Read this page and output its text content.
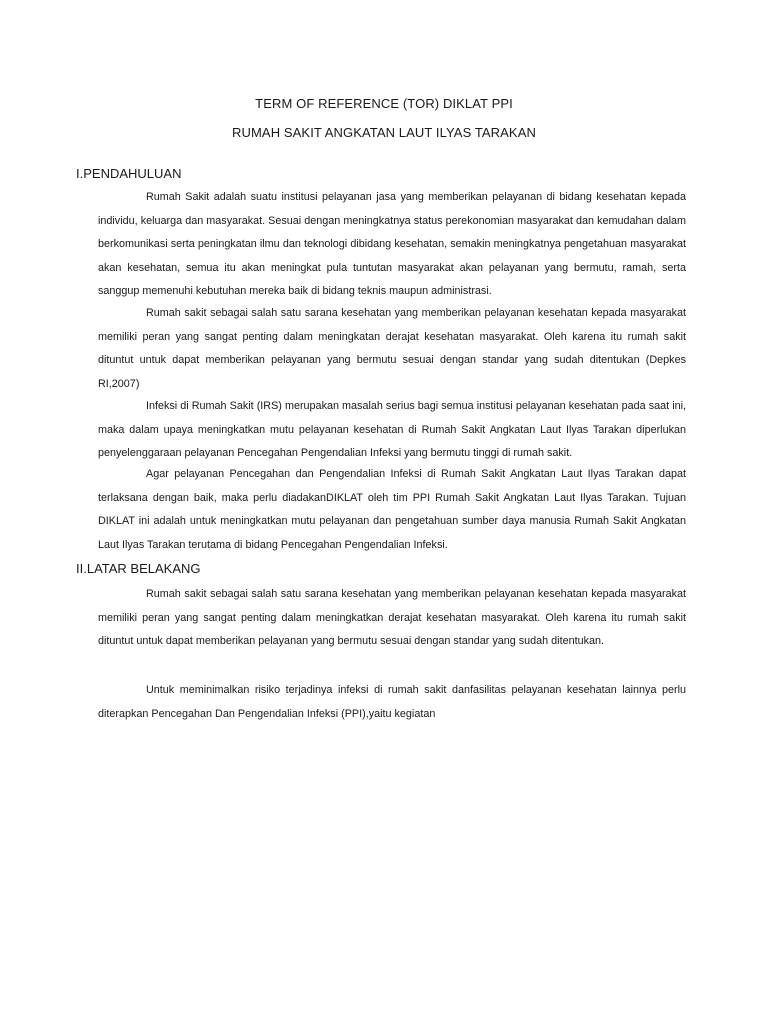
TERM OF REFERENCE (TOR) DIKLAT PPI
RUMAH SAKIT ANGKATAN LAUT ILYAS TARAKAN
I.PENDAHULUAN

Rumah Sakit adalah suatu institusi pelayanan jasa yang memberikan pelayanan di bidang kesehatan kepada individu, keluarga dan masyarakat. Sesuai dengan meningkatnya status perekonomian masyarakat dan kemudahan dalam berkomunikasi serta peningkatan ilmu dan teknologi dibidang kesehatan, semakin meningkatnya pengetahuan masyarakat akan kesehatan, semua itu akan meningkat pula tuntutan masyarakat akan pelayanan yang bermutu, ramah, serta sanggup memenuhi kebutuhan mereka baik di bidang teknis maupun administrasi.

Rumah sakit sebagai salah satu sarana kesehatan yang memberikan pelayanan kesehatan kepada masyarakat memiliki peran yang sangat penting dalam meningkatan derajat kesehatan masyarakat. Oleh karena itu rumah sakit dituntut untuk dapat memberikan pelayanan yang bermutu sesuai dengan standar yang sudah ditentukan (Depkes RI,2007)

Infeksi di Rumah Sakit (IRS) merupakan masalah serius bagi semua institusi pelayanan kesehatan pada saat ini, maka dalam upaya meningkatkan mutu pelayanan kesehatan di Rumah Sakit Angkatan Laut Ilyas Tarakan diperlukan penyelenggaraan pelayanan Pencegahan Pengendalian Infeksi yang bermutu tinggi di rumah sakit.

Agar pelayanan Pencegahan dan Pengendalian Infeksi di Rumah Sakit Angkatan Laut Ilyas Tarakan dapat terlaksana dengan baik, maka perlu diadakanDIKLAT oleh tim PPI Rumah Sakit Angkatan Laut Ilyas Tarakan. Tujuan DIKLAT ini adalah untuk meningkatkan mutu pelayanan dan pengetahuan sumber daya manusia Rumah Sakit Angkatan Laut Ilyas Tarakan terutama di bidang Pencegahan Pengendalian Infeksi.

II.LATAR BELAKANG

Rumah sakit sebagai salah satu sarana kesehatan yang memberikan pelayanan kesehatan kepada masyarakat memiliki peran yang sangat penting dalam meningkatkan derajat kesehatan masyarakat. Oleh karena itu rumah sakit dituntut untuk dapat memberikan pelayanan yang bermutu sesuai dengan standar yang sudah ditentukan.

Untuk meminimalkan risiko terjadinya infeksi di rumah sakit danfasilitas pelayanan kesehatan lainnya perlu diterapkan Pencegahan Dan Pengendalian Infeksi (PPI),yaitu kegiatan
